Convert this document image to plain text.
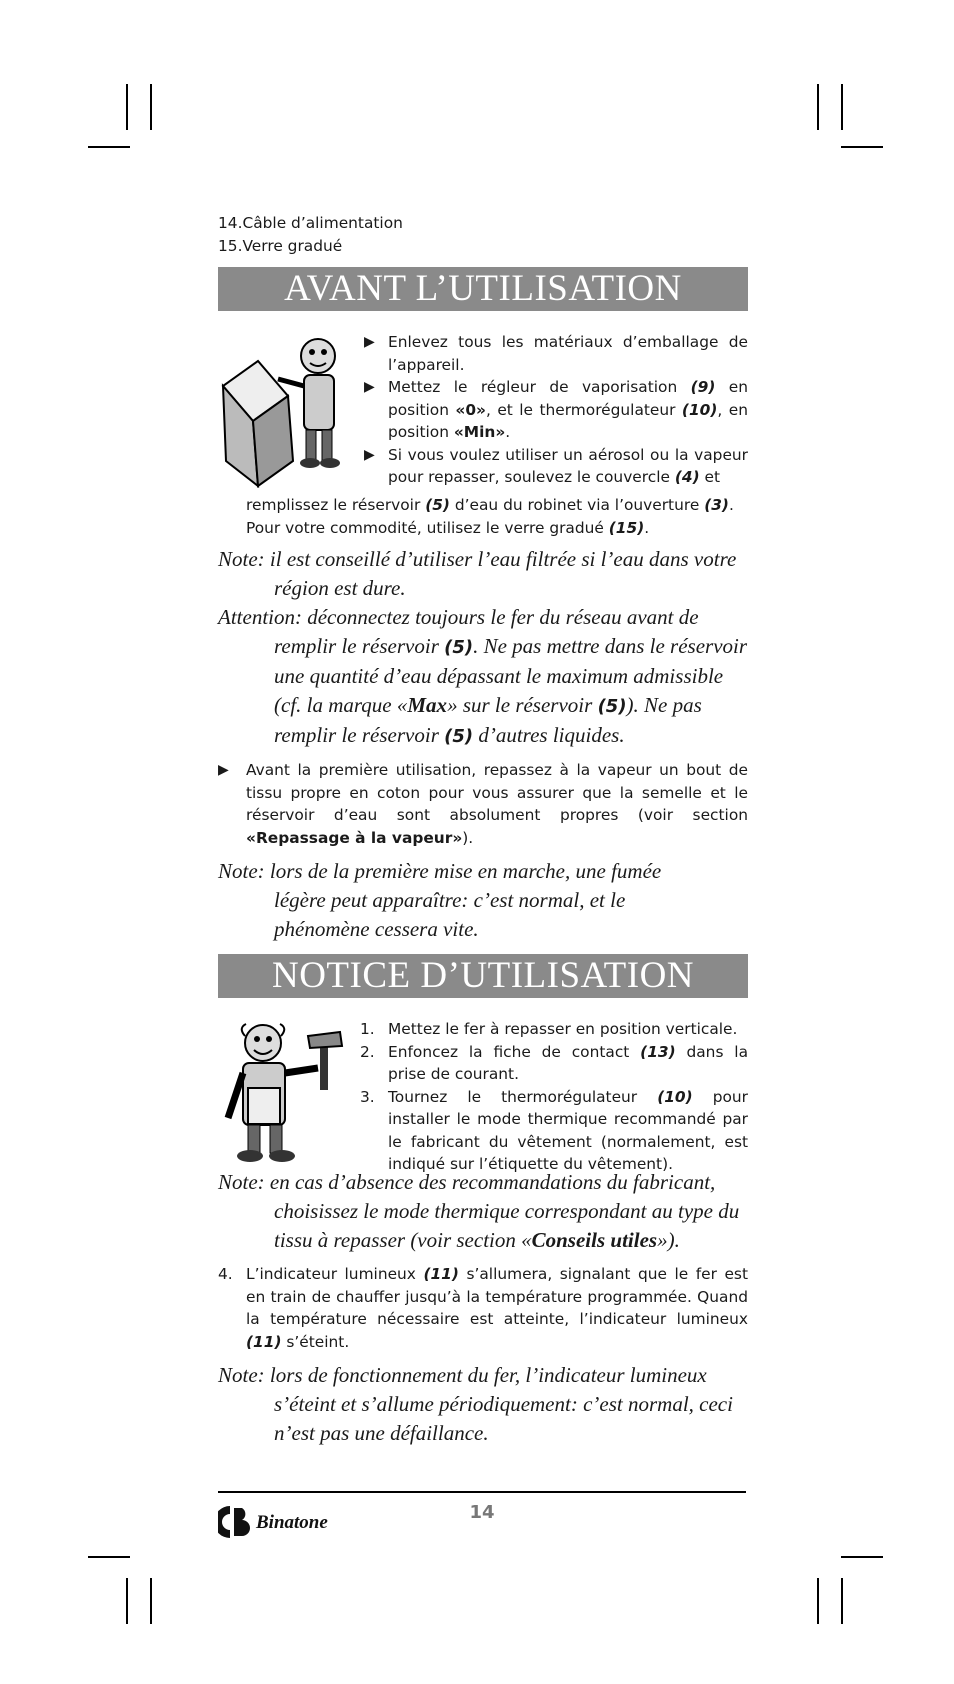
14.Câble d’alimentation
15.Verre gradué
AVANT L’UTILISATION
▶ Enlevez tous les matériaux d’emballage de l’appareil.
▶ Mettez le régleur de vaporisation (9) en position «0», et le thermorégulateur (10), en position «Min».
▶ Si vous voulez utiliser un aérosol ou la vapeur pour repasser, soulevez le couvercle (4) et
remplissez le réservoir (5) d’eau du robinet via l’ouverture (3). Pour votre commodité, utilisez le verre gradué (15).
Note: il est conseillé d’utiliser l’eau filtrée si l’eau dans votre
région est dure.
Attention: déconnectez toujours le fer du réseau avant de
remplir le réservoir (5). Ne pas mettre dans le réservoir
une quantité d’eau dépassant le maximum admissible
(cf. la marque «Max» sur le réservoir (5)). Ne pas
remplir le réservoir (5) d’autres liquides.
▶ Avant la première utilisation, repassez à la vapeur un bout de tissu propre en coton pour vous assurer que la semelle et le réservoir d’eau sont absolument propres (voir section «Repassage à la vapeur»).
Note: lors de la première mise en marche, une fumée
légère peut apparaître: c’est normal, et le
phénomène cessera vite.
NOTICE D’UTILISATION
1. Mettez le fer à repasser en position verticale.
2. Enfoncez la fiche de contact (13) dans la prise de courant.
3. Tournez le thermorégulateur (10) pour installer le mode thermique recommandé par le fabricant du vêtement (normalement, est indiqué sur l’étiquette du vêtement).
Note: en cas d’absence des recommandations du fabricant,
choisissez le mode thermique correspondant au type du
tissu à repasser (voir section «Conseils utiles»).
4. L’indicateur lumineux (11) s’allumera, signalant que le fer est en train de chauffer jusqu’à la température programmée. Quand la température nécessaire est atteinte, l’indicateur lumineux (11) s’éteint.
Note: lors de fonctionnement du fer, l’indicateur lumineux
s’éteint et s’allume périodiquement: c’est normal, ceci
n’est pas une défaillance.
Binatone	14
